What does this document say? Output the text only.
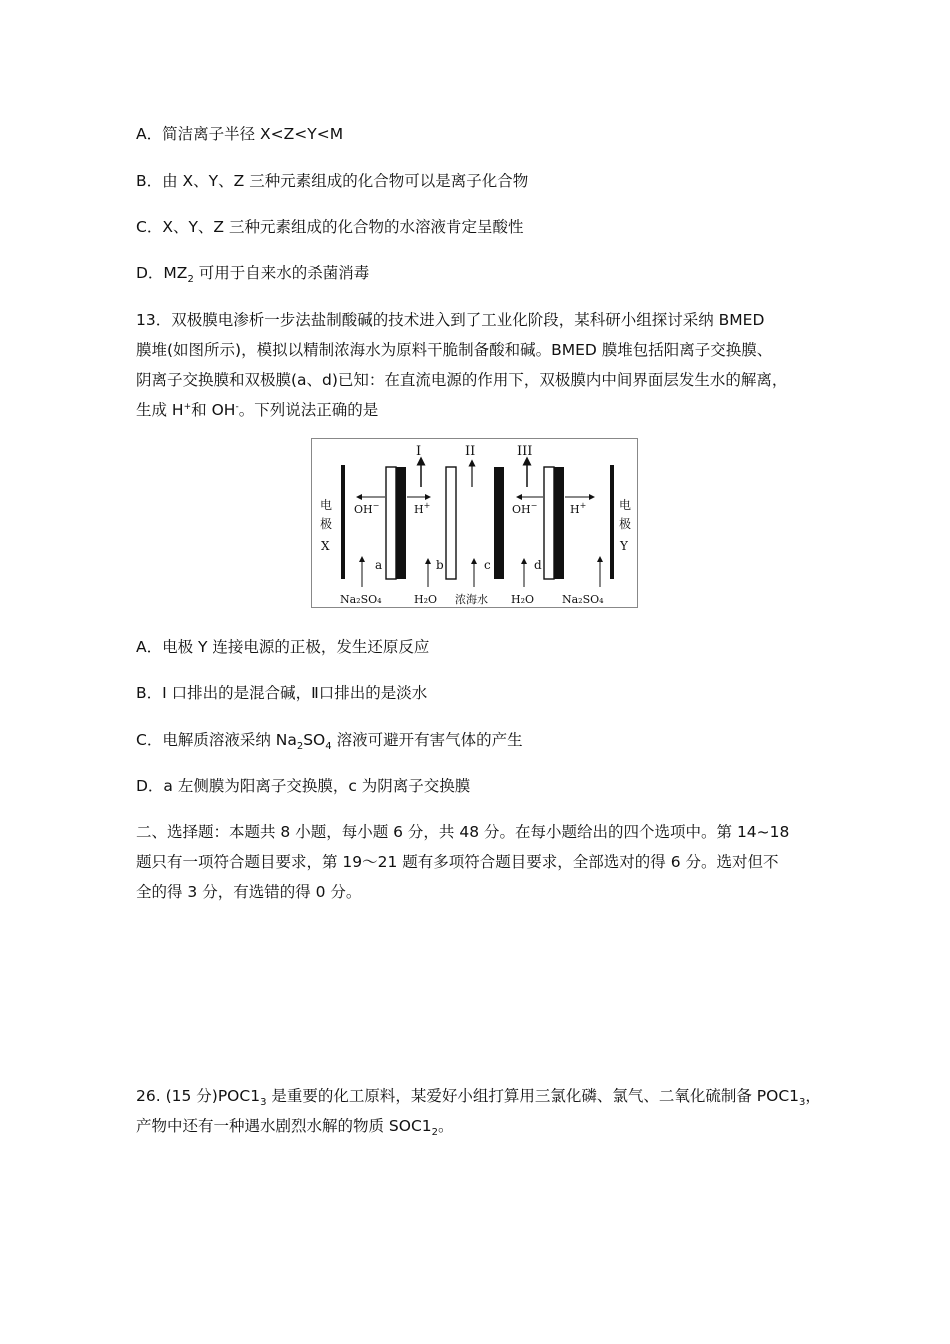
A．简洁离子半径 X<Z<Y<M
B．由 X、Y、Z 三种元素组成的化合物可以是离子化合物
C．X、Y、Z 三种元素组成的化合物的水溶液肯定呈酸性
D．$MZ_2$ 可用于自来水的杀菌消毒
13．双极膜电渗析一步法盐制酸碱的技术进入到了工业化阶段，某科研小组探讨采纳 BMED
膜堆(如图所示)，模拟以精制浓海水为原料干脆制备酸和碱。BMED 膜堆包括阳离子交换膜、
阴离子交换膜和双极膜(a、d)已知：在直流电源的作用下，双极膜内中间界面层发生水的解离，
生成 H+和 OH-。下列说法正确的是
电
极
X
电
极
Y
I	II	III
OH−	H+	OH−	H+
a	b	c	d
Na₂SO₄	H₂O 浓海水 H₂O	Na₂SO₄
A．电极 Y 连接电源的正极，发生还原反应
B．I 口排出的是混合碱，Ⅱ口排出的是淡水
C．电解质溶液采纳 $Na_2SO_4$ 溶液可避开有害气体的产生
D．a 左侧膜为阳离子交换膜，c 为阴离子交换膜
二、选择题：本题共 8 小题，每小题 6 分，共 48 分。在每小题给出的四个选项中。第 14~18
题只有一项符合题目要求，第 19～21 题有多项符合题目要求，全部选对的得 6 分。选对但不
全的得 3 分，有选错的得 0 分。
26. (15 分)$POC1_3$ 是重要的化工原料，某爱好小组打算用三氯化磷、氯气、二氧化硫制备 $POC1_3$，
产物中还有一种遇水剧烈水解的物质 $SOC1_2$。
